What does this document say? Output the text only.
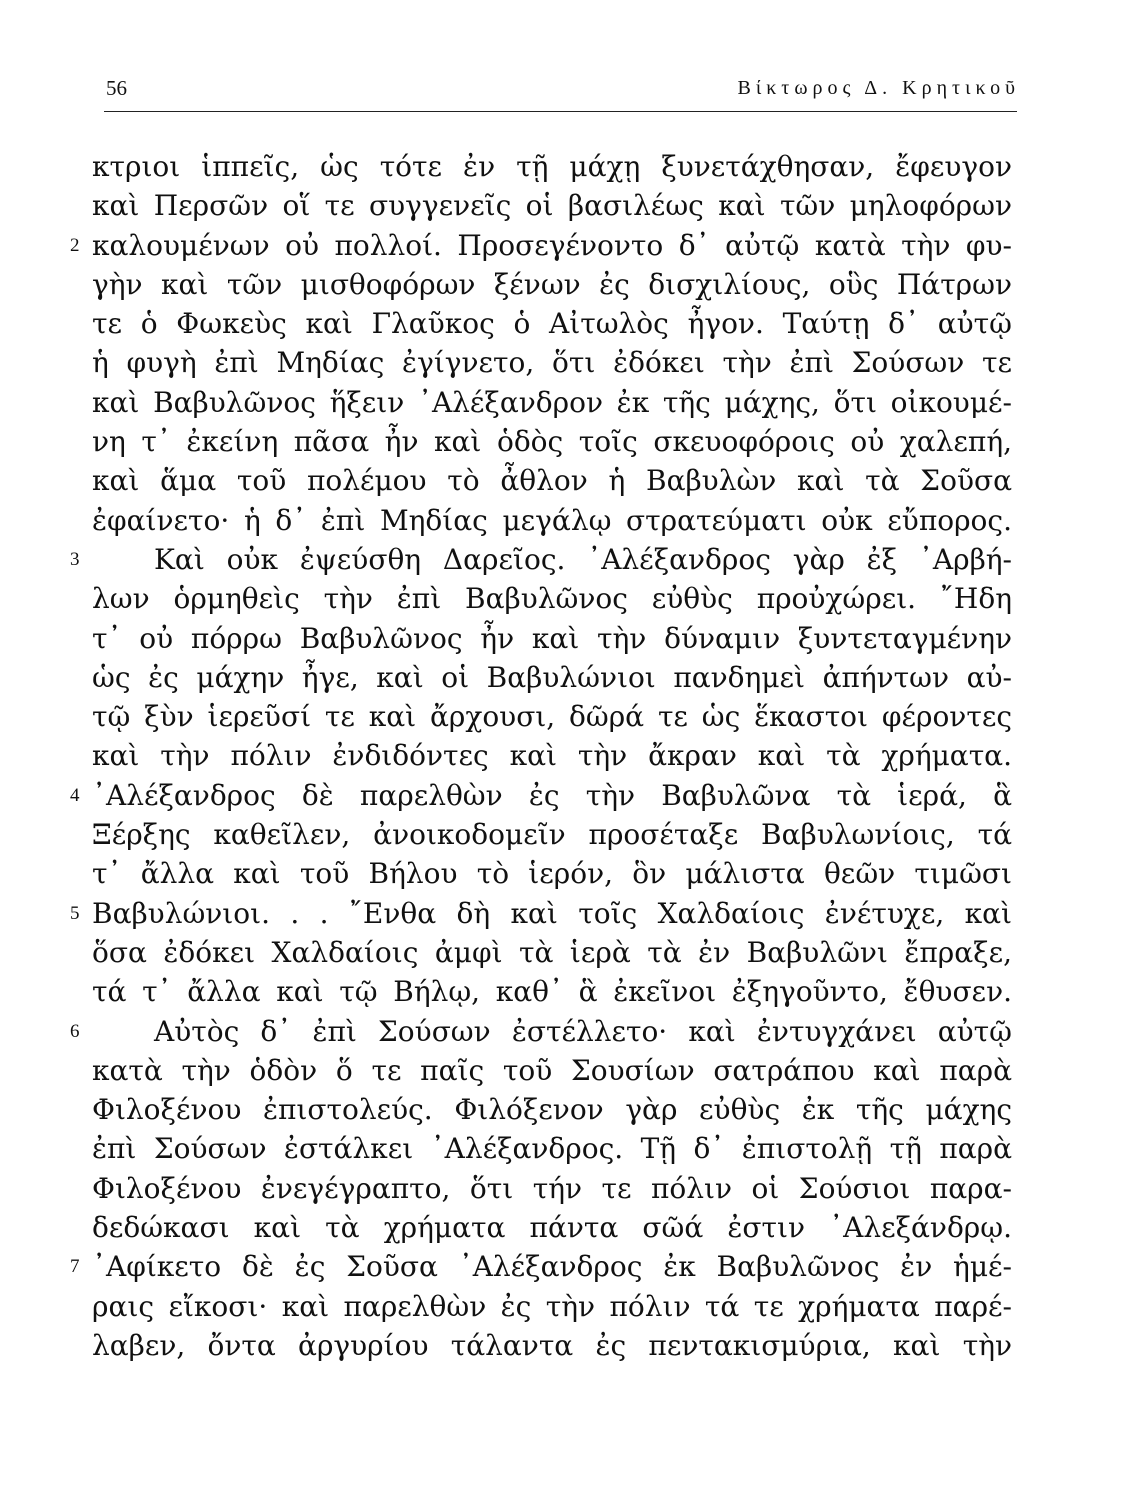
56	Βίκτωρος Δ. Κρητικοῦ
κτριοι ἱππεῖς, ὡς τότε ἐν τῇ μάχῃ ξυνετάχθησαν, ἔφευγον
καὶ Περσῶν οἵ τε συγγενεῖς οἱ βασιλέως καὶ τῶν μηλοφόρων
2 καλουμένων οὐ πολλοί. Προσεγένοντο δ᾽ αὐτῷ κατὰ τὴν φυ-
γὴν καὶ τῶν μισθοφόρων ξένων ἐς δισχιλίους, οὓς Πάτρων
τε ὁ Φωκεὺς καὶ Γλαῦκος ὁ Αἰτωλὸς ἦγον. Ταύτῃ δ᾽ αὐτῷ
ἡ φυγὴ ἐπὶ Μηδίας ἐγίγνετο, ὅτι ἐδόκει τὴν ἐπὶ Σούσων τε
καὶ Βαβυλῶνος ἥξειν ᾽Αλέξανδρον ἐκ τῆς μάχης, ὅτι οἰκουμέ-
νη τ᾽ ἐκείνη πᾶσα ἦν καὶ ὁδὸς τοῖς σκευοφόροις οὐ χαλεπή,
καὶ ἅμα τοῦ πολέμου τὸ ἆθλον ἡ Βαβυλὼν καὶ τὰ Σοῦσα
ἐφαίνετο· ἡ δ᾽ ἐπὶ Μηδίας μεγάλῳ στρατεύματι οὐκ εὔπορος.
3	Καὶ οὐκ ἐψεύσθη Δαρεῖος. ᾽Αλέξανδρος γὰρ ἐξ ᾽Αρβή-
λων ὁρμηθεὶς τὴν ἐπὶ Βαβυλῶνος εὐθὺς προὐχώρει. ῎Ηδη
τ᾽ οὐ πόρρω Βαβυλῶνος ἦν καὶ τὴν δύναμιν ξυντεταγμένην
ὡς ἐς μάχην ἦγε, καὶ οἱ Βαβυλώνιοι πανδημεὶ ἀπήντων αὐ-
τῷ ξὺν ἱερεῦσί τε καὶ ἄρχουσι, δῶρά τε ὡς ἕκαστοι φέροντες
καὶ τὴν πόλιν ἐνδιδόντες καὶ τὴν ἄκραν καὶ τὰ χρήματα.
4 ᾽Αλέξανδρος δὲ παρελθὼν ἐς τὴν Βαβυλῶνα τὰ ἱερά, ἃ
Ξέρξης καθεῖλεν, ἀνοικοδομεῖν προσέταξε Βαβυλωνίοις, τά
τ᾽ ἄλλα καὶ τοῦ Βήλου τὸ ἱερόν, ὃν μάλιστα θεῶν τιμῶσι
5 Βαβυλώνιοι. . . ῎Ενθα δὴ καὶ τοῖς Χαλδαίοις ἐνέτυχε, καὶ
ὅσα ἐδόκει Χαλδαίοις ἀμφὶ τὰ ἱερὰ τὰ ἐν Βαβυλῶνι ἔπραξε,
τά τ᾽ ἄλλα καὶ τῷ Βήλῳ, καθ᾽ ἃ ἐκεῖνοι ἐξηγοῦντο, ἔθυσεν.
6	Αὐτὸς δ᾽ ἐπὶ Σούσων ἐστέλλετο· καὶ ἐντυγχάνει αὐτῷ
κατὰ τὴν ὁδὸν ὅ τε παῖς τοῦ Σουσίων σατράπου καὶ παρὰ
Φιλοξένου ἐπιστολεύς. Φιλόξενον γὰρ εὐθὺς ἐκ τῆς μάχης
ἐπὶ Σούσων ἐστάλκει ᾽Αλέξανδρος. Τῇ δ᾽ ἐπιστολῇ τῇ παρὰ
Φιλοξένου ἐνεγέγραπτο, ὅτι τήν τε πόλιν οἱ Σούσιοι παρα-
δεδώκασι καὶ τὰ χρήματα πάντα σῶά ἐστιν ᾽Αλεξάνδρῳ.
7 ᾽Αφίκετο δὲ ἐς Σοῦσα ᾽Αλέξανδρος ἐκ Βαβυλῶνος ἐν ἡμέ-
ραις εἴκοσι· καὶ παρελθὼν ἐς τὴν πόλιν τά τε χρήματα παρέ-
λαβεν, ὄντα ἀργυρίου τάλαντα ἐς πεντακισμύρια, καὶ τὴν
